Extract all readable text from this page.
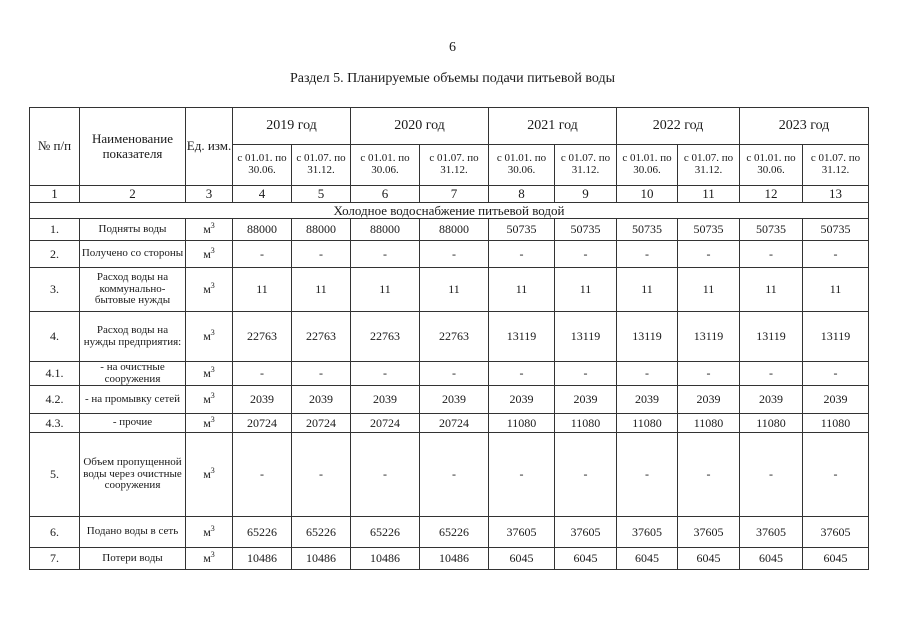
6
Раздел 5. Планируемые объемы подачи питьевой воды
№ п/п	Наименование показателя	Ед. изм.	2019 год		2020 год		2021 год		2022 год		2023 год	
			с 01.01. по 30.06.	с 01.07. по 31.12.	с 01.01. по 30.06.	с 01.07. по 31.12.	с 01.01. по 30.06.	с 01.07. по 31.12.	с 01.01. по 30.06.	с 01.07. по 31.12.	с 01.01. по 30.06.	с 01.07. по 31.12.
1	2	3	4	5	6	7	8	9	10	11	12	13
Холодное водоснабжение питьевой водой												
1.	Подняты воды	$м^3$	88000	88000	88000	88000	50735	50735	50735	50735	50735	50735
2.	Получено со стороны	$м^3$	-	-	-	-	-	-	-	-	-	-
3.	Расход воды на коммунально-бытовые нужды	$м^3$	11	11	11	11	11	11	11	11	11	11
4.	Расход воды на нужды предприятия:	$м^3$	22763	22763	22763	22763	13119	13119	13119	13119	13119	13119
4.1.	- на очистные сооружения	$м^3$	-	-	-	-	-	-	-	-	-	-
4.2.	- на промывку сетей	$м^3$	2039	2039	2039	2039	2039	2039	2039	2039	2039	2039
4.3.	- прочие	$м^3$	20724	20724	20724	20724	11080	11080	11080	11080	11080	11080
5.	Объем пропущенной воды через очистные сооружения	$м^3$	-	-	-	-	-	-	-	-	-	-
6.	Подано воды в сеть	$м^3$	65226	65226	65226	65226	37605	37605	37605	37605	37605	37605
7.	Потери воды	$м^3$	10486	10486	10486	10486	6045	6045	6045	6045	6045	6045
